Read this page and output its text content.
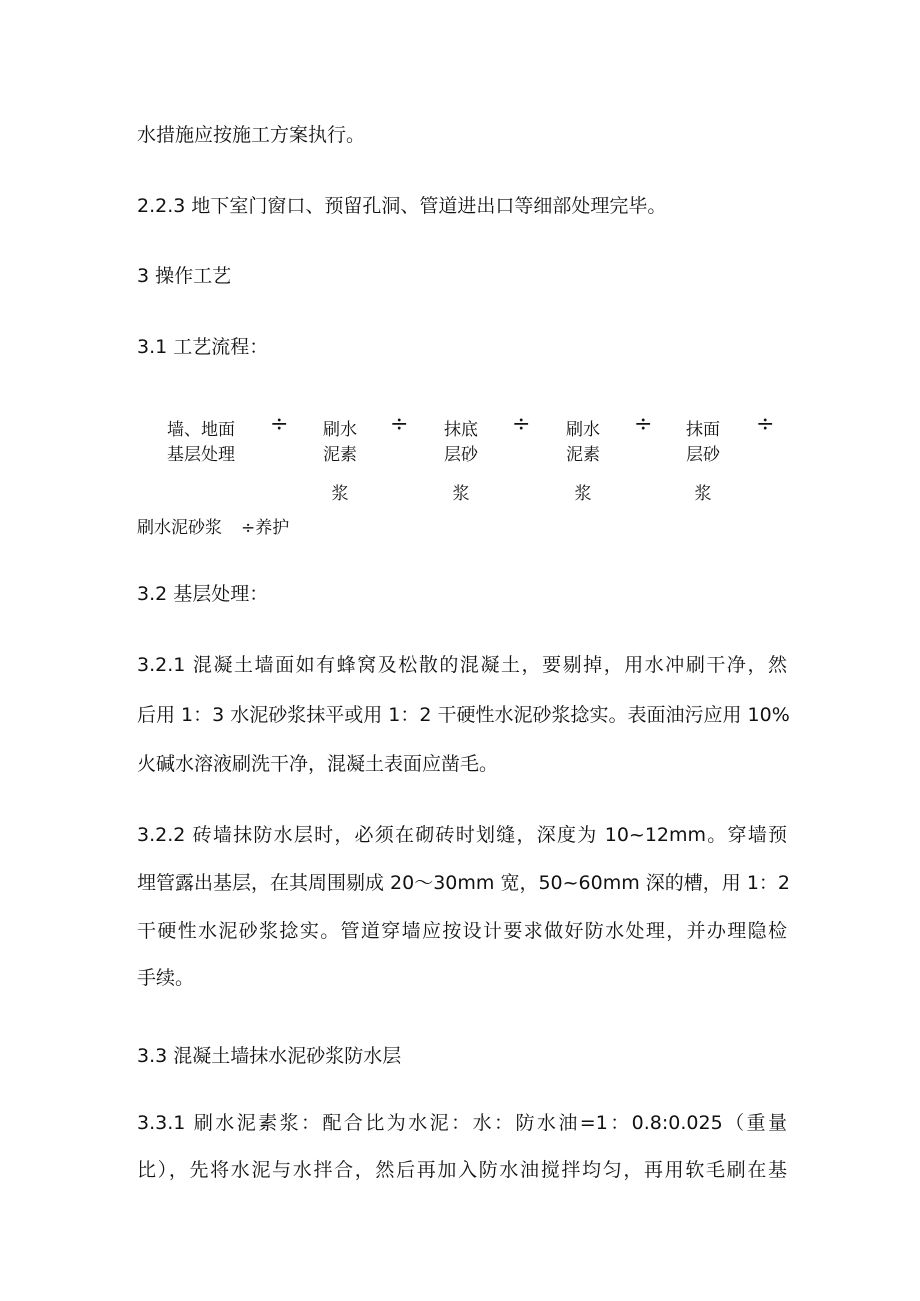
水措施应按施工方案执行。
2.2.3 地下室门窗口、预留孔洞、管道进出口等细部处理完毕。
3 操作工艺
3.1 工艺流程：
墙、地面
基层处理
÷	刷水
泥素
浆
÷	抹底
层砂
浆
÷	刷水
泥素
浆
÷	抹面
层砂
浆
÷
刷水泥砂浆 ÷养护
3.2 基层处理：
3.2.1 混凝土墙面如有蜂窝及松散的混凝土，要剔掉，用水冲刷干净，然
后用 1：3 水泥砂浆抹平或用 1：2 干硬性水泥砂浆捻实。表面油污应用 10%
火碱水溶液刷洗干净，混凝土表面应凿毛。
3.2.2 砖墙抹防水层时，必须在砌砖时划缝，深度为 10~12mm。穿墙预
埋管露出基层，在其周围剔成 20～30mm 宽，50~60mm 深的槽，用 1：2
干硬性水泥砂浆捻实。管道穿墙应按设计要求做好防水处理，并办理隐检
手续。
3.3 混凝土墙抹水泥砂浆防水层
3.3.1 刷水泥素浆：配合比为水泥：水：防水油=1：0.8:0.025（重量
比），先将水泥与水拌合，然后再加入防水油搅拌均匀，再用软毛刷在基
